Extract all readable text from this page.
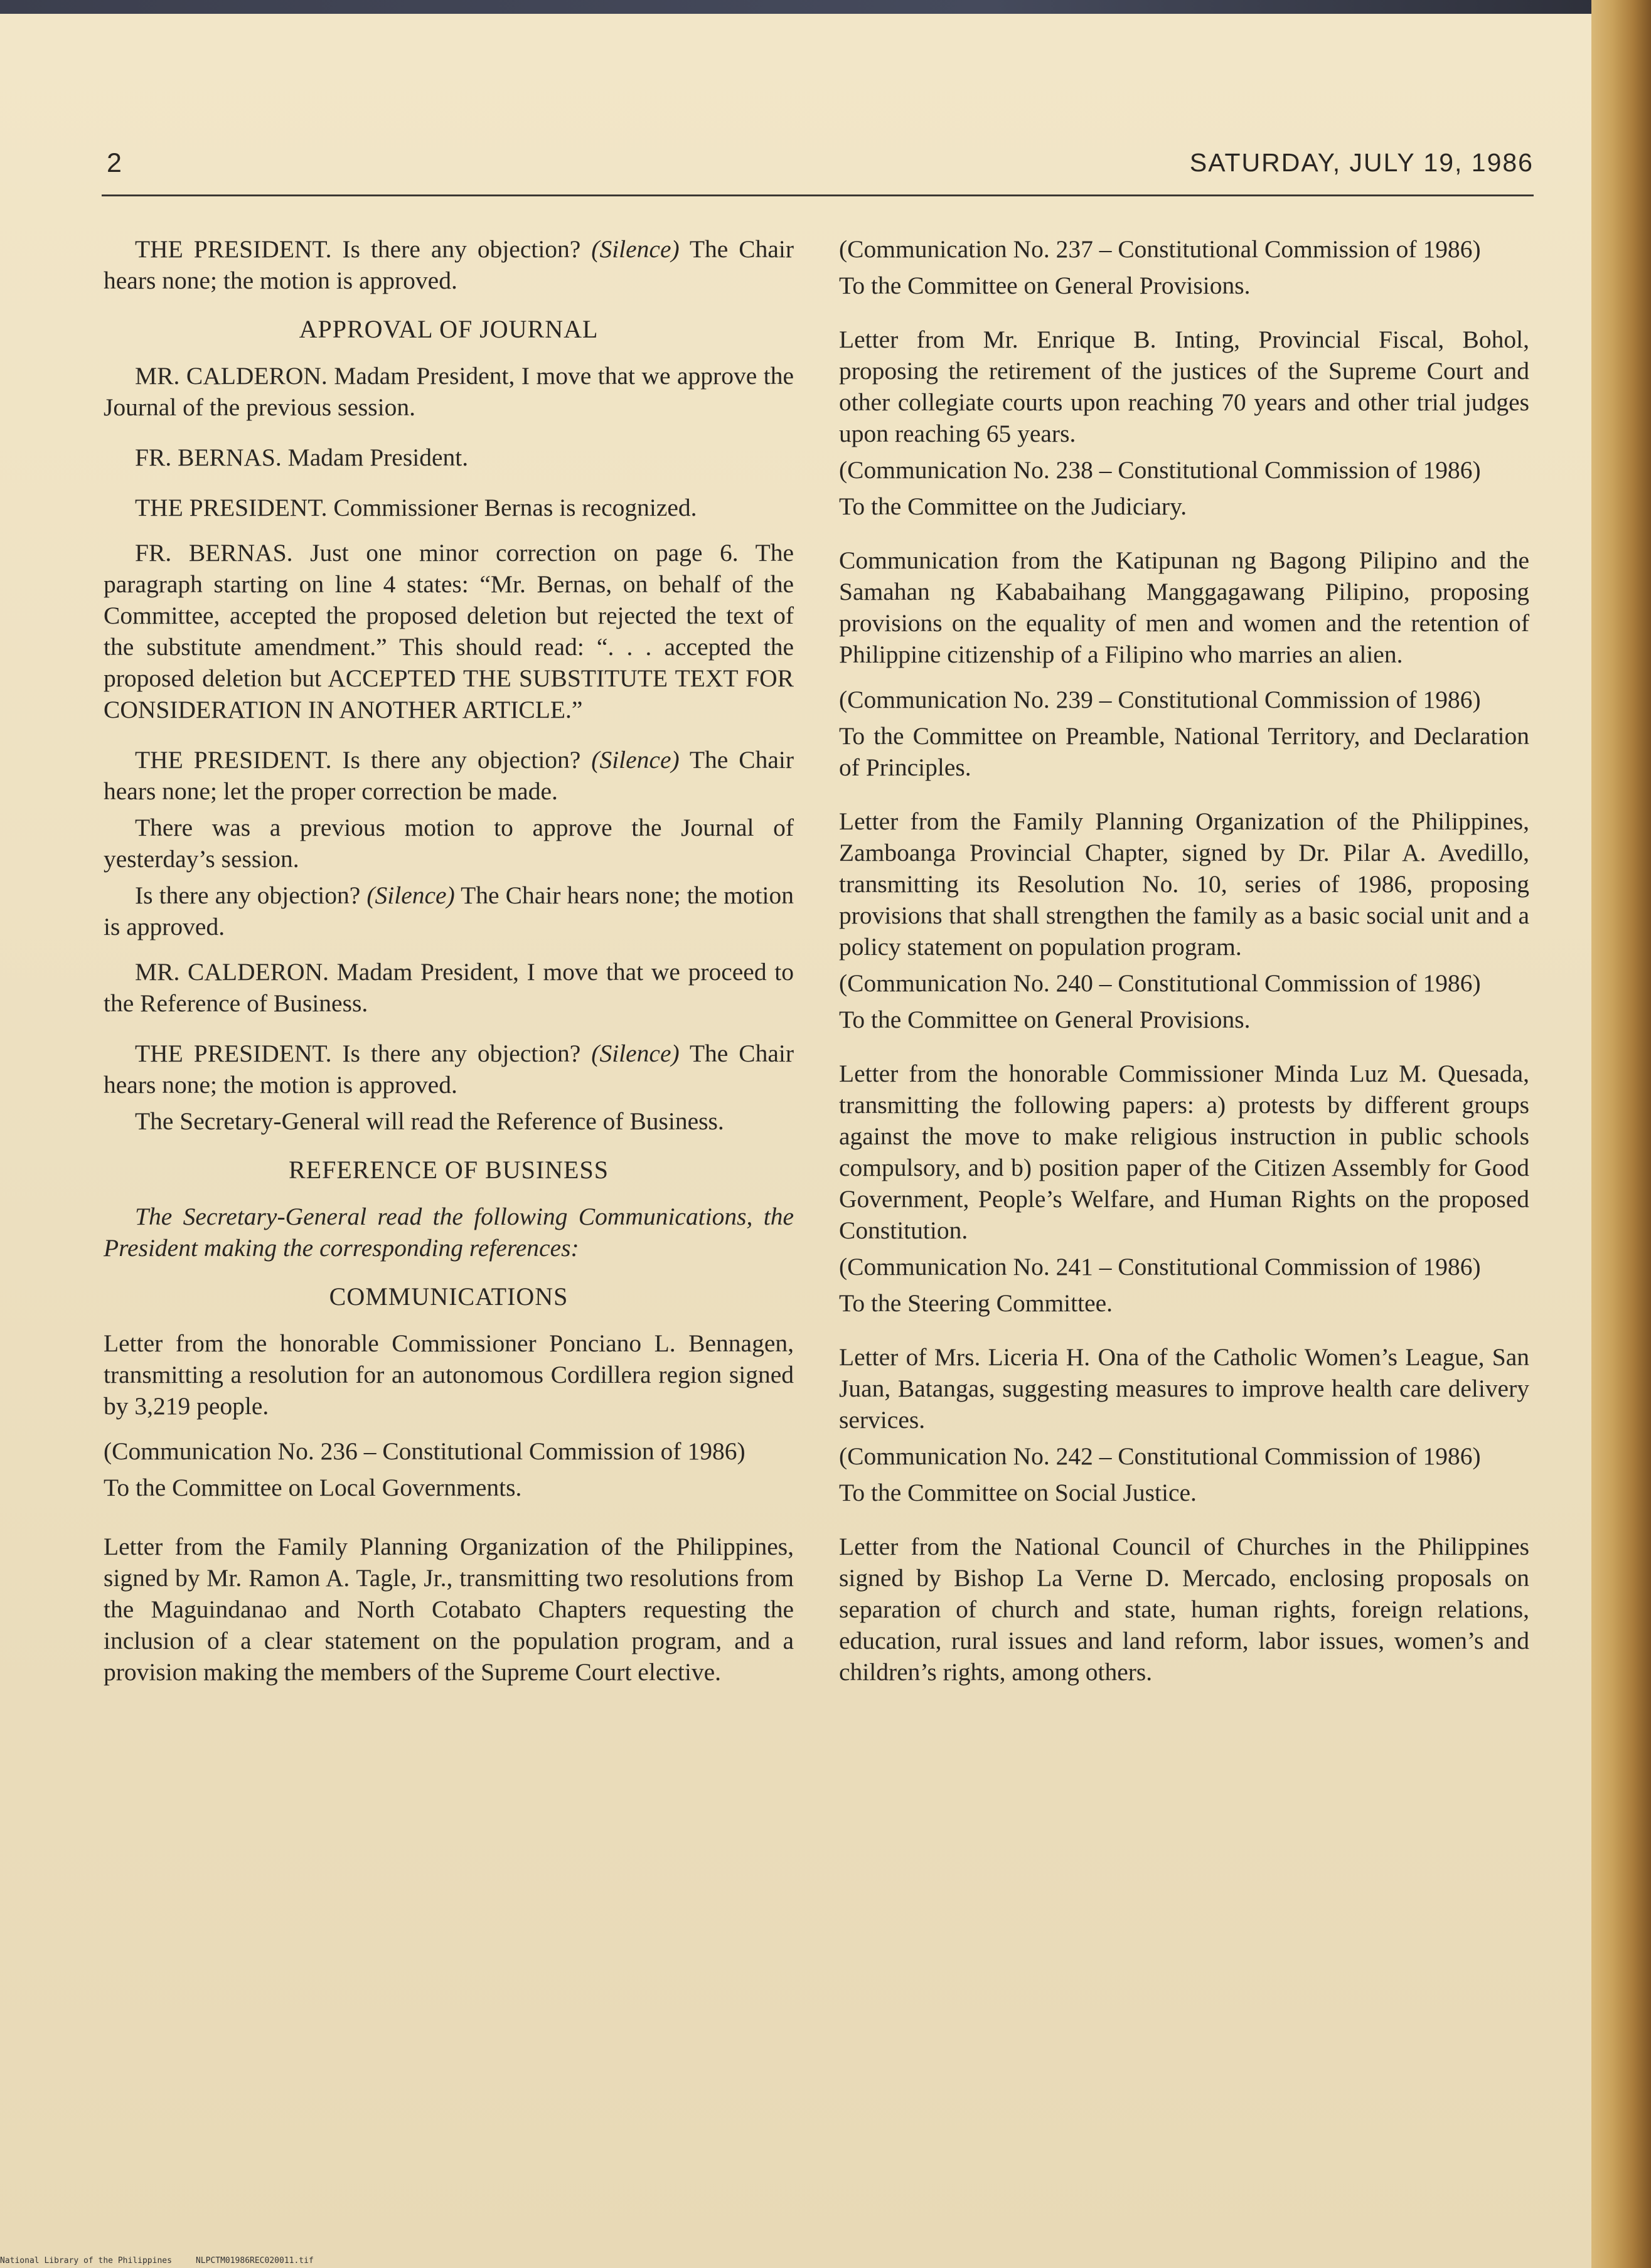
2	SATURDAY, JULY 19, 1986

THE PRESIDENT. Is there any objection? (Silence) The Chair hears none; the motion is approved.

APPROVAL OF JOURNAL

MR. CALDERON. Madam President, I move that we approve the Journal of the previous session.

FR. BERNAS. Madam President.

THE PRESIDENT. Commissioner Bernas is recognized.

FR. BERNAS. Just one minor correction on page 6. The paragraph starting on line 4 states: “Mr. Bernas, on behalf of the Committee, accepted the proposed deletion but rejected the text of the substitute amendment.” This should read: “. . . accepted the proposed deletion but ACCEPTED THE SUBSTITUTE TEXT FOR CONSIDERATION IN ANOTHER ARTICLE.”

THE PRESIDENT. Is there any objection? (Silence) The Chair hears none; let the proper correction be made.

There was a previous motion to approve the Journal of yesterday’s session.

Is there any objection? (Silence) The Chair hears none; the motion is approved.

MR. CALDERON. Madam President, I move that we proceed to the Reference of Business.

THE PRESIDENT. Is there any objection? (Silence) The Chair hears none; the motion is approved.

The Secretary-General will read the Reference of Business.

REFERENCE OF BUSINESS

The Secretary-General read the following Communications, the President making the corresponding references:

COMMUNICATIONS

Letter from the honorable Commissioner Ponciano L. Bennagen, transmitting a resolution for an autonomous Cordillera region signed by 3,219 people.

(Communication No. 236 – Constitutional Commission of 1986)

To the Committee on Local Governments.

Letter from the Family Planning Organization of the Philippines, signed by Mr. Ramon A. Tagle, Jr., transmitting two resolutions from the Maguindanao and North Cotabato Chapters requesting the inclusion of a clear statement on the population program, and a provision making the members of the Supreme Court elective.

(Communication No. 237 – Constitutional Commission of 1986)

To the Committee on General Provisions.

Letter from Mr. Enrique B. Inting, Provincial Fiscal, Bohol, proposing the retirement of the justices of the Supreme Court and other collegiate courts upon reaching 70 years and other trial judges upon reaching 65 years.

(Communication No. 238 – Constitutional Commission of 1986)

To the Committee on the Judiciary.

Communication from the Katipunan ng Bagong Pilipino and the Samahan ng Kababaihang Manggagawang Pilipino, proposing provisions on the equality of men and women and the retention of Philippine citizenship of a Filipino who marries an alien.

(Communication No. 239 – Constitutional Commission of 1986)

To the Committee on Preamble, National Territory, and Declaration of Principles.

Letter from the Family Planning Organization of the Philippines, Zamboanga Provincial Chapter, signed by Dr. Pilar A. Avedillo, transmitting its Resolution No. 10, series of 1986, proposing provisions that shall strengthen the family as a basic social unit and a policy statement on population program.

(Communication No. 240 – Constitutional Commission of 1986)

To the Committee on General Provisions.

Letter from the honorable Commissioner Minda Luz M. Quesada, transmitting the following papers: a) protests by different groups against the move to make religious instruction in public schools compulsory, and b) position paper of the Citizen Assembly for Good Government, People’s Welfare, and Human Rights on the proposed Constitution.

(Communication No. 241 – Constitutional Commission of 1986)

To the Steering Committee.

Letter of Mrs. Liceria H. Ona of the Catholic Women’s League, San Juan, Batangas, suggesting measures to improve health care delivery services.

(Communication No. 242 – Constitutional Commission of 1986)

To the Committee on Social Justice.

Letter from the National Council of Churches in the Philippines signed by Bishop La Verne D. Mercado, enclosing proposals on separation of church and state, human rights, foreign relations, education, rural issues and land reform, labor issues, women’s and children’s rights, among others.

National Library of the Philippines	NLPCTM01986REC020011.tif
